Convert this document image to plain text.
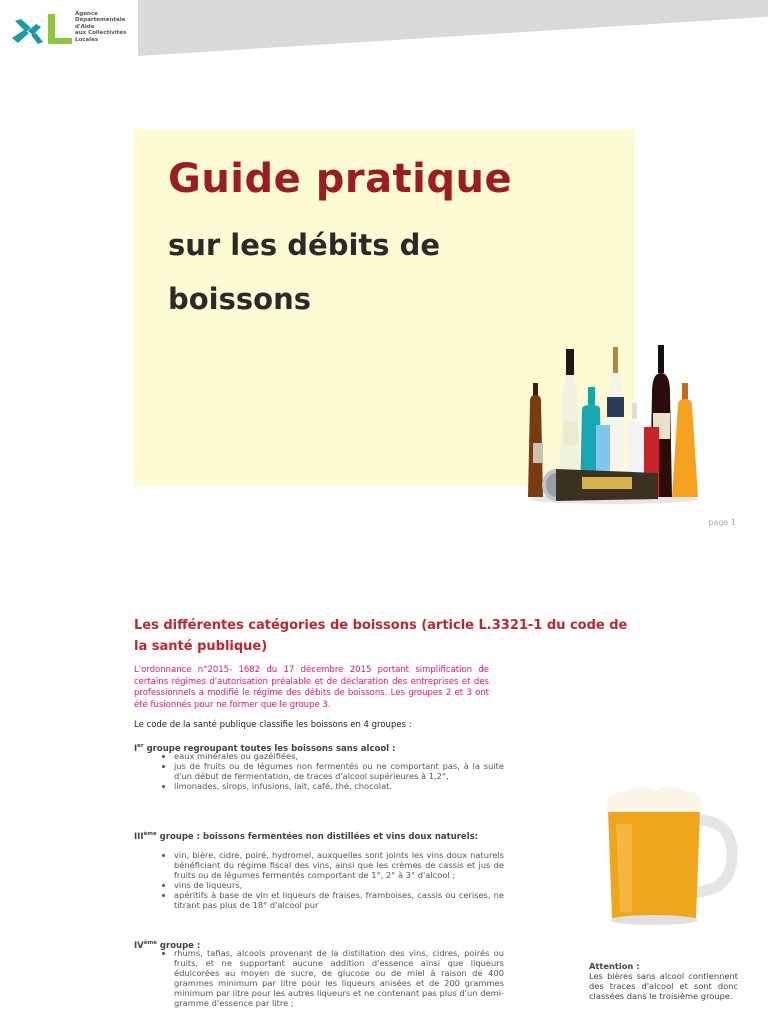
Agence
Départementale
d'Aide
aux Collectivités
Locales
Guide pratique
sur les débits de boissons
page 1
Les différentes catégories de boissons (article L.3321-1 du code de la santé publique)
L'ordonnance n°2015- 1682 du 17 décembre 2015 portant simplification de certains régimes d'autorisation préalable et de déclaration des entreprises et des professionnels a modifié le régime des débits de boissons. Les groupes 2 et 3 ont été fusionnés pour ne former que le groupe 3.
Le code de la santé publique classifie les boissons en 4 groupes :
Ier groupe regroupant toutes les boissons sans alcool :
• eaux minérales ou gazéifiées,
• jus de fruits ou de légumes non fermentés ou ne comportant pas, à la suite d'un début de fermentation, de traces d'alcool supérieures à 1,2°,
• limonades, sirops, infusions, lait, café, thé, chocolat.
IIIème groupe : boissons fermentées non distillées et vins doux naturels:
• vin, bière, cidre, poiré, hydromel, auxquelles sont joints les vins doux naturels bénéficiant du régime fiscal des vins, ainsi que les crèmes de cassis et jus de fruits ou de légumes fermentés comportant de 1°, 2° à 3° d'alcool ;
• vins de liqueurs,
• apéritifs à base de vin et liqueurs de fraises, framboises, cassis ou cerises, ne titrant pas plus de 18° d'alcool pur
IVème groupe :
• rhums, tafias, alcools provenant de la distillation des vins, cidres, poirés ou fruits, et ne supportant aucune addition d'essence ainsi que liqueurs édulcorées au moyen de sucre, de glucose ou de miel à raison de 400 grammes minimum par litre pour les liqueurs anisées et de 200 grammes minimum par litre pour les autres liqueurs et ne contenant pas plus d'un demi-gramme d'essence par litre ;
Attention :
Les bières sans alcool contiennent des traces d'alcool et sont donc classées dans le troisième groupe.
